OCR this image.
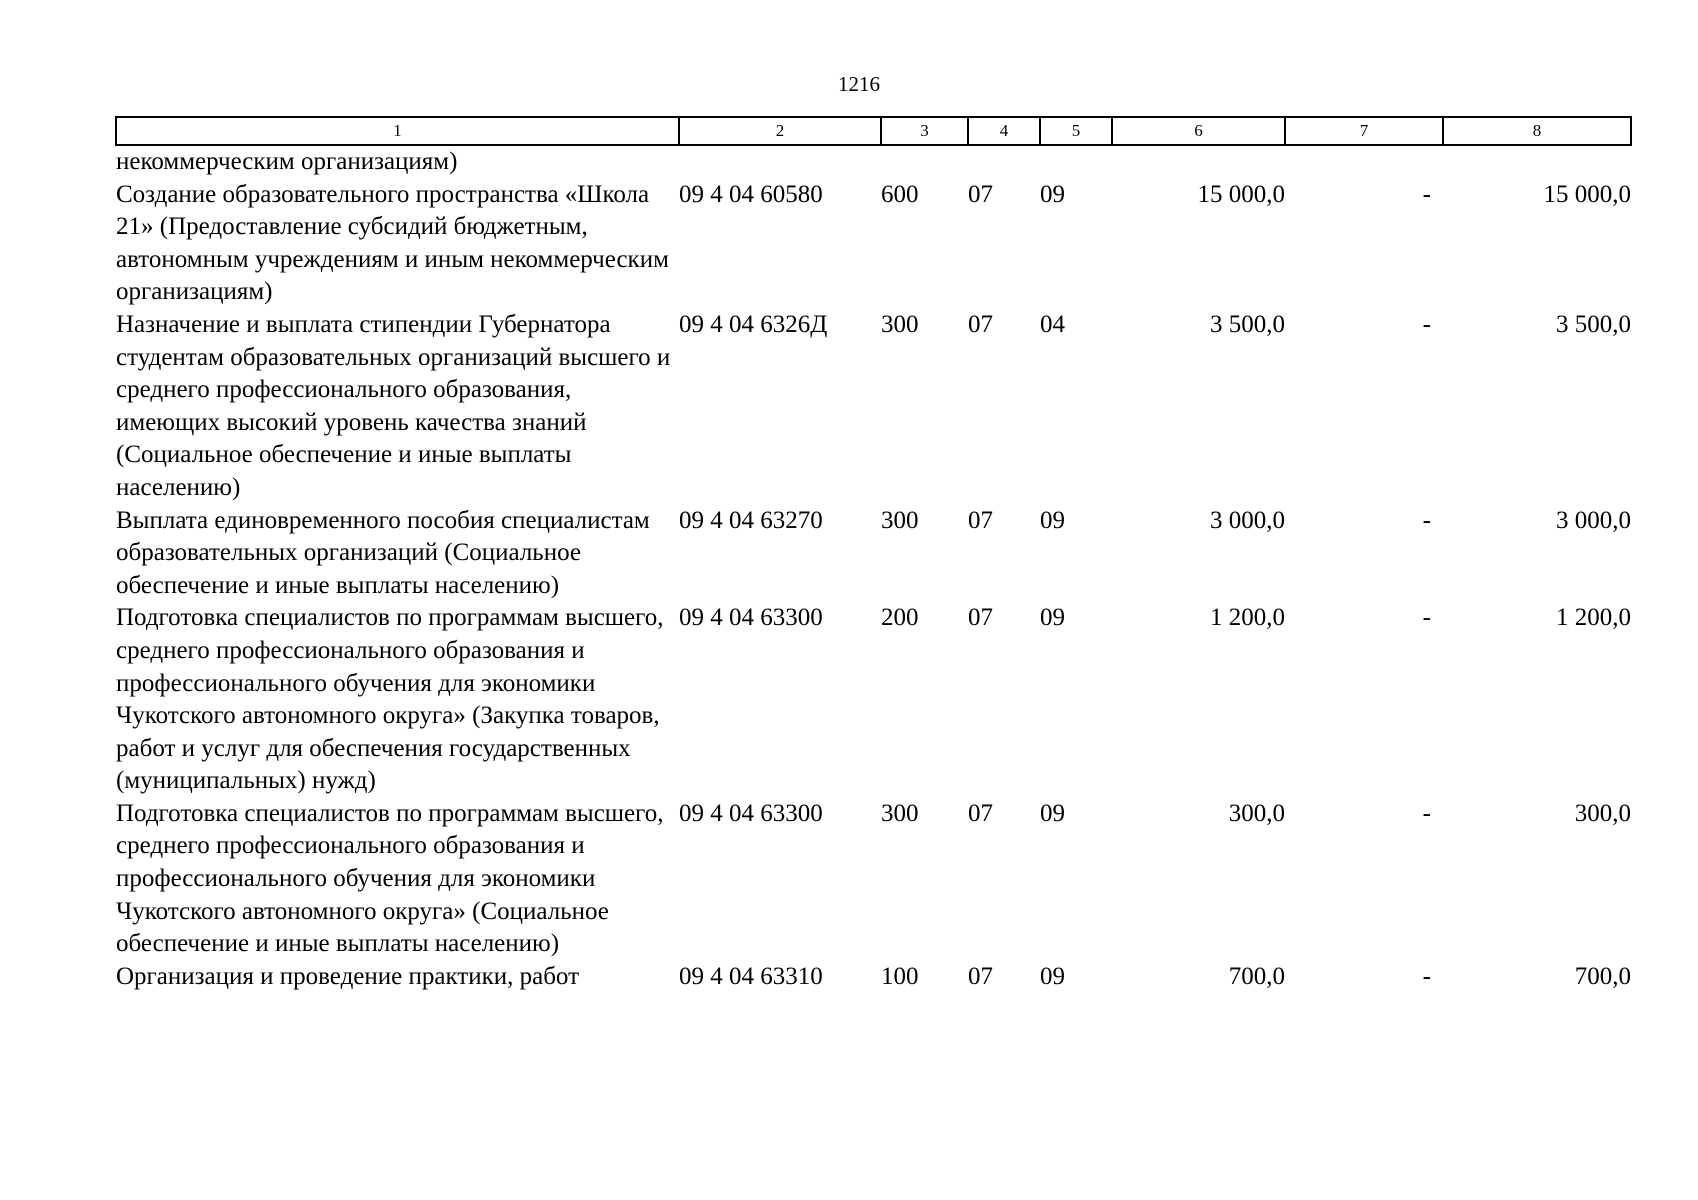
1216
1	2	3	4	5	6	7	8
некоммерческим организациям)							
Создание образовательного пространства «Школа 21» (Предоставление субсидий бюджетным, автономным учреждениям и иным некоммерческим организациям)	09 4 04 60580	600	07	09	15 000,0	-	15 000,0
Назначение и выплата стипендии Губернатора студентам образовательных организаций высшего и среднего профессионального образования, имеющих высокий уровень качества знаний (Социальное обеспечение и иные выплаты населению)	09 4 04 6326Д	300	07	04	3 500,0	-	3 500,0
Выплата единовременного пособия специалистам образовательных организаций (Социальное обеспечение и иные выплаты населению)	09 4 04 63270	300	07	09	3 000,0	-	3 000,0
Подготовка специалистов по программам высшего, среднего профессионального образования и профессионального обучения для экономики Чукотского автономного округа» (Закупка товаров, работ и услуг для обеспечения государственных (муниципальных) нужд)	09 4 04 63300	200	07	09	1 200,0	-	1 200,0
Подготовка специалистов по программам высшего, среднего профессионального образования и профессионального обучения для экономики Чукотского автономного округа» (Социальное обеспечение и иные выплаты населению)	09 4 04 63300	300	07	09	300,0	-	300,0
Организация и проведение практики, работ	09 4 04 63310	100	07	09	700,0	-	700,0
